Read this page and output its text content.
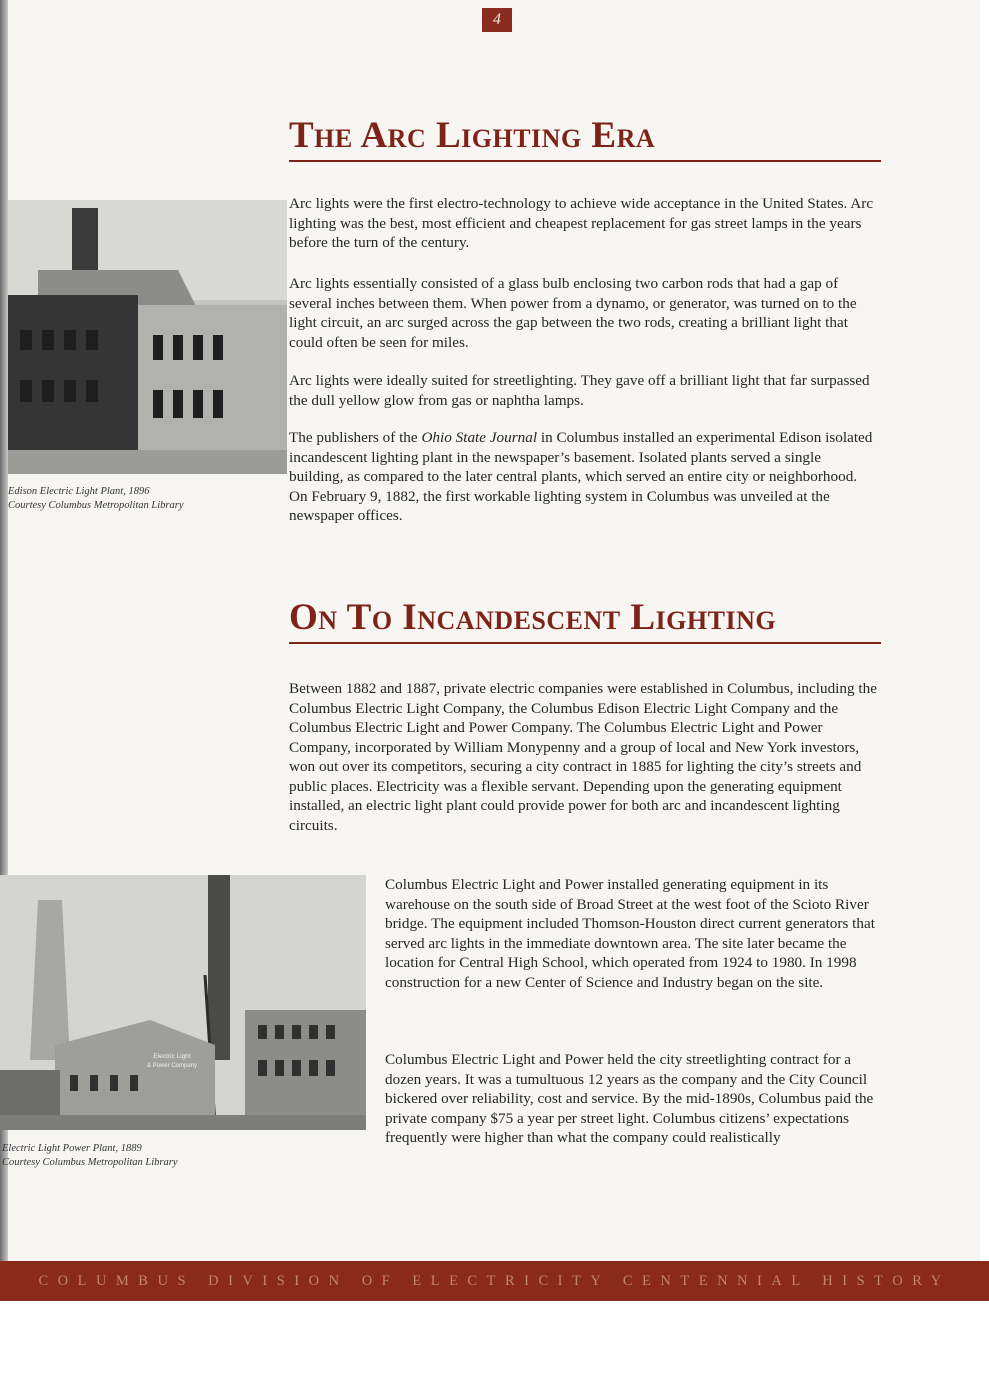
4
The Arc Lighting Era

Arc lights were the first electro-technology to achieve wide acceptance in the United States. Arc lighting was the best, most efficient and cheapest replacement for gas street lamps in the years before the turn of the century.

Arc lights essentially consisted of a glass bulb enclosing two carbon rods that had a gap of several inches between them. When power from a dynamo, or generator, was turned on to the light circuit, an arc surged across the gap between the two rods, creating a brilliant light that could often be seen for miles.

Arc lights were ideally suited for streetlighting. They gave off a brilliant light that far surpassed the dull yellow glow from gas or naphtha lamps.

The publishers of the Ohio State Journal in Columbus installed an experimental Edison isolated incandescent lighting plant in the newspaper’s basement. Isolated plants served a single building, as compared to the later central plants, which served an entire city or neighborhood. On February 9, 1882, the first workable lighting system in Columbus was unveiled at the newspaper offices.

Edison Electric Light Plant, 1896
Courtesy Columbus Metropolitan Library

On To Incandescent Lighting

Between 1882 and 1887, private electric companies were established in Columbus, including the Columbus Electric Light Company, the Columbus Edison Electric Light Company and the Columbus Electric Light and Power Company. The Columbus Electric Light and Power Company, incorporated by William Monypenny and a group of local and New York investors, won out over its competitors, securing a city contract in 1885 for lighting the city’s streets and public places. Electricity was a flexible servant. Depending upon the generating equipment installed, an electric light plant could provide power for both arc and incandescent lighting circuits.

Columbus Electric Light and Power installed generating equipment in its warehouse on the south side of Broad Street at the west foot of the Scioto River bridge. The equipment included Thomson-Houston direct current generators that served arc lights in the immediate downtown area. The site later became the location for Central High School, which operated from 1924 to 1980. In 1998 construction for a new Center of Science and Industry began on the site.

Columbus Electric Light and Power held the city streetlighting contract for a dozen years. It was a tumultuous 12 years as the company and the City Council bickered over reliability, cost and service. By the mid-1890s, Columbus paid the private company $75 a year per street light. Columbus citizens’ expectations frequently were higher than what the company could realistically

Electric Light
& Power Company

Electric Light Power Plant, 1889
Courtesy Columbus Metropolitan Library

COLUMBUS DIVISION OF ELECTRICITY CENTENNIAL HISTORY
